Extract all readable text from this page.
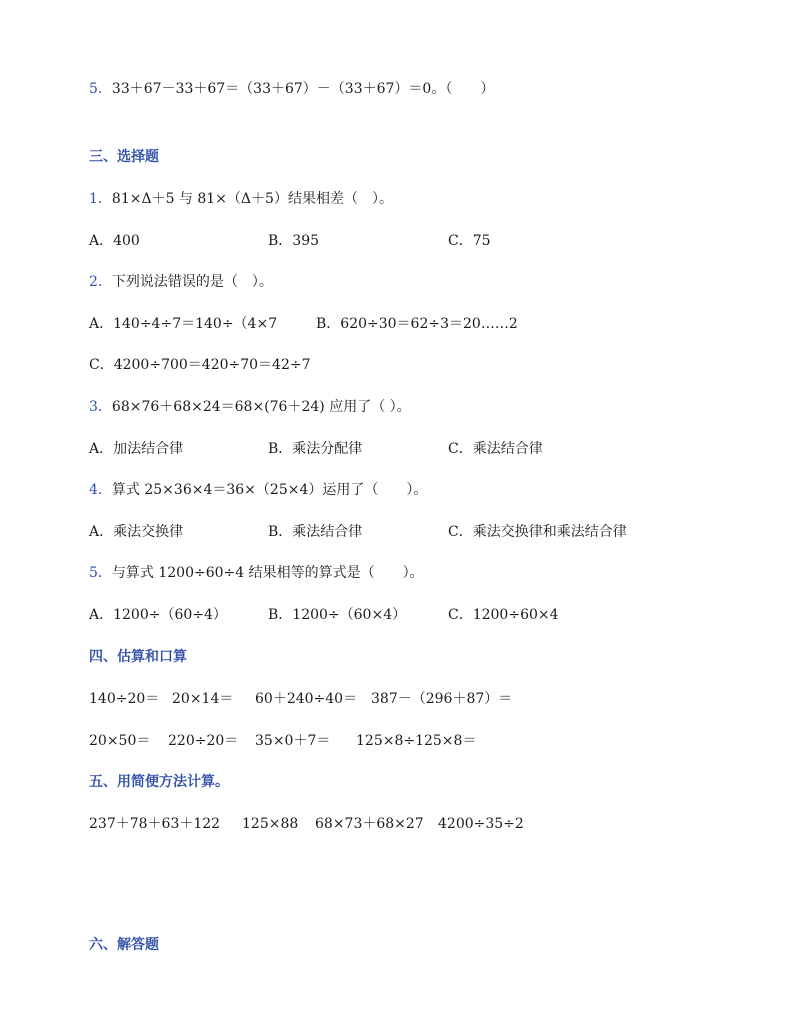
5．33＋67－33＋67＝（33＋67）－（33＋67）＝0。（　　）
三、选择题
1．81×Δ＋5 与 81×（Δ＋5）结果相差（　）。
A．400	B．395	C．75
2．下列说法错误的是（　）。
A．140÷4÷7＝140÷（4×7	B．620÷30＝62÷3＝20……2
C．4200÷700＝420÷70＝42÷7
3．68×76＋68×24＝68×(76＋24) 应用了（ ）。
A．加法结合律	B．乘法分配律	C．乘法结合律
4．算式 25×36×4＝36×（25×4）运用了（　　）。
A．乘法交换律	B．乘法结合律	C．乘法交换律和乘法结合律
5．与算式 1200÷60÷4 结果相等的算式是（　　）。
A．1200÷（60÷4）	B．1200÷（60×4）	C．1200÷60×4
四、估算和口算
140÷20＝ 20×14＝ 60＋240÷40＝ 387－（296＋87）＝
20×50＝ 220÷20＝ 35×0＋7＝ 125×8÷125×8＝
五、用简便方法计算。
237＋78＋63＋122 125×88 68×73＋68×27 4200÷35÷2
六、解答题
